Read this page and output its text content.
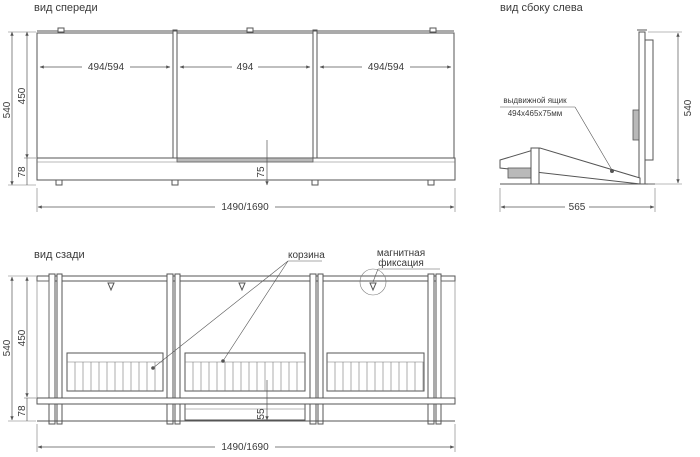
вид спереди
494/594	494	494/594
75
540
450
78
1490/1690
вид сбоку слева
выдвижной ящик
494х465х75мм	540
565
вид сзади	корзина	магнитная
фиксация
540
450
78	55
1490/1690
